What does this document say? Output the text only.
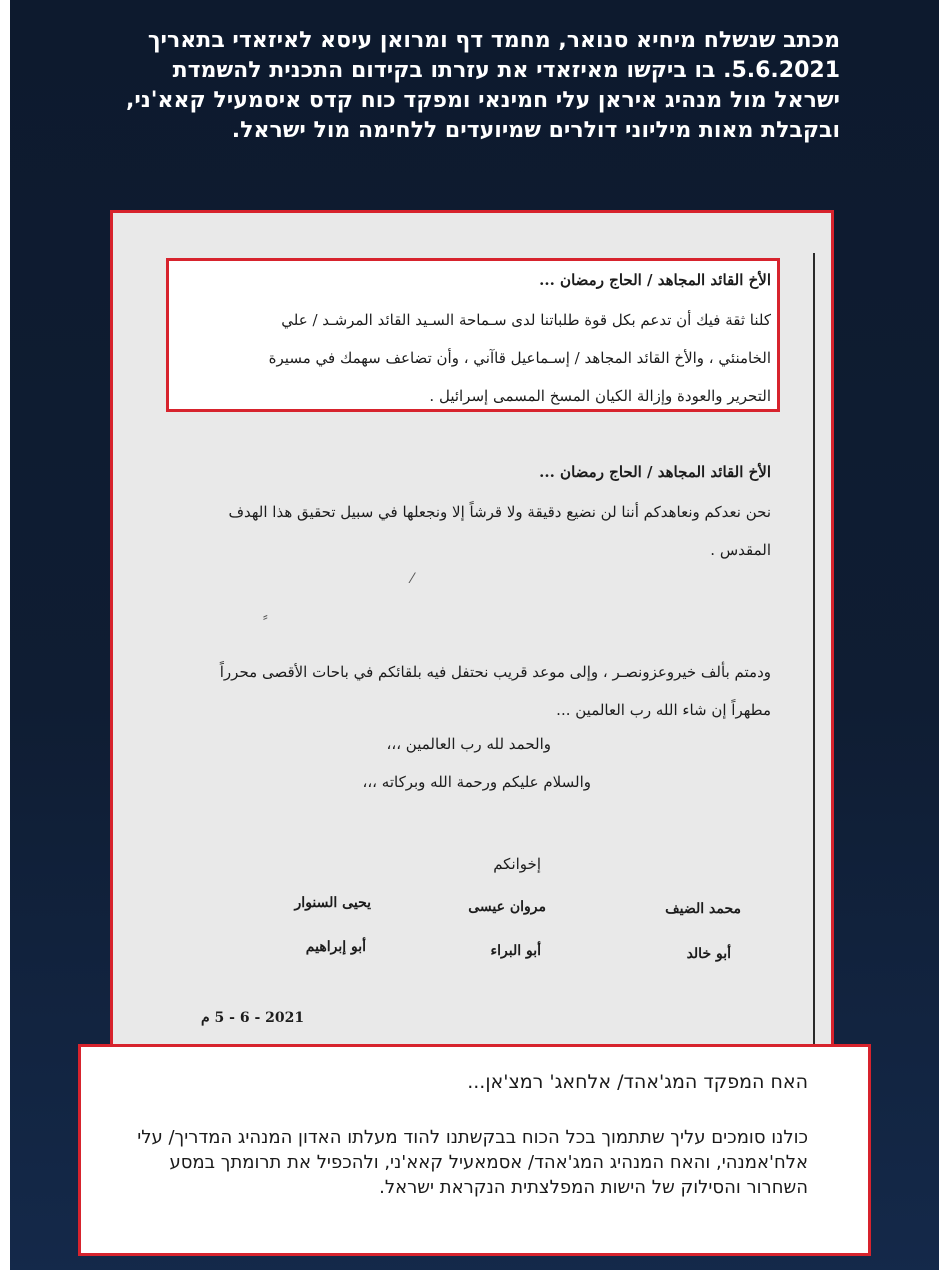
מכתב שנשלח מיחיא סנואר, מחמד דף ומרואן עיסא לאיזאדי בתאריך 5.6.2021. בו ביקשו מאיזאדי את עזרתו בקידום התכנית להשמדת ישראל מול מנהיג איראן עלי חמינאי ומפקד כוח קדס איסמעיל קאא'ני, ובקבלת מאות מיליוני דולרים שמיועדים ללחימה מול ישראל.
الأخ القائد المجاهد / الحاج رمضان ...
كلنا ثقة فيك أن تدعم بكل قوة طلباتنا لدى سـماحة السـيد القائد المرشـد / علي الخامنئي ، والأخ القائد المجاهد / إسـماعيل قاآني ، وأن تضاعف سهمك في مسيرة التحرير والعودة وإزالة الكيان المسخ المسمى إسرائيل .
الأخ القائد المجاهد / الحاج رمضان ...
نحن نعدكم ونعاهدكم أننا لن نضيع دقيقة ولا قرشاً إلا ونجعلها في سبيل تحقيق هذا الهدف المقدس .
⁄
⸗
ودمتم بألف خيروعزونصـر ، وإلى موعد قريب نحتفل فيه بلقائكم في باحات الأقصى محرراً مطهراً إن شاء الله رب العالمين ...
والحمد لله رب العالمين ،،،
والسلام عليكم ورحمة الله وبركاته ،،،
إخوانكم
محمد الضيف
مروان عيسى
يحيى السنوار
أبو خالد
أبو البراء
أبو إبراهيم
2021 - 6 - 5 م
האח המפקד המג'אהד/ אלחאג' רמצ'אן...
כולנו סומכים עליך שתתמוך בכל הכוח בבקשתנו להוד מעלתו האדון המנהיג המדריך/ עלי אלח'אמנהי, והאח המנהיג המג'אהד/ אסמאעיל קאא'ני, ולהכפיל את תרומתך במסע השחרור והסילוק של הישות המפלצתית הנקראת ישראל.
